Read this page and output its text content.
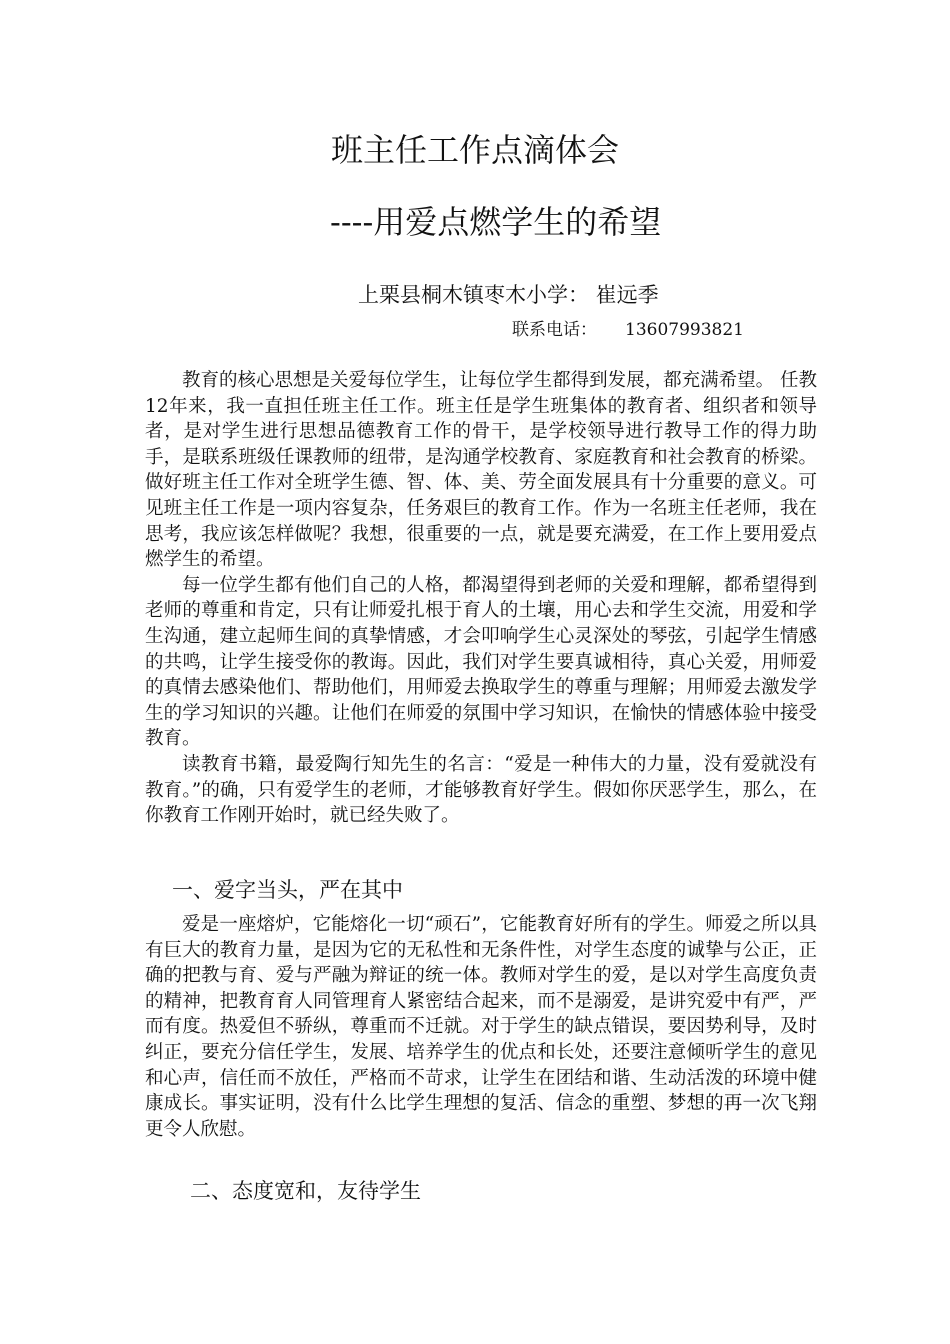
班主任工作点滴体会
----用爱点燃学生的希望
上栗县桐木镇枣木小学： 崔远季
联系电话： 13607993821

教育的核心思想是关爱每位学生，让每位学生都得到发展，都充满希望。 任教12年来，我一直担任班主任工作。班主任是学生班集体的教育者、组织者和领导者，是对学生进行思想品德教育工作的骨干，是学校领导进行教导工作的得力助手，是联系班级任课教师的纽带，是沟通学校教育、家庭教育和社会教育的桥梁。做好班主任工作对全班学生德、智、体、美、劳全面发展具有十分重要的意义。可见班主任工作是一项内容复杂，任务艰巨的教育工作。作为一名班主任老师，我在思考，我应该怎样做呢？我想，很重要的一点，就是要充满爱，在工作上要用爱点燃学生的希望。

每一位学生都有他们自己的人格，都渴望得到老师的关爱和理解，都希望得到老师的尊重和肯定，只有让师爱扎根于育人的土壤，用心去和学生交流，用爱和学生沟通，建立起师生间的真挚情感，才会叩响学生心灵深处的琴弦，引起学生情感的共鸣，让学生接受你的教诲。因此，我们对学生要真诚相待，真心关爱，用师爱的真情去感染他们、帮助他们，用师爱去换取学生的尊重与理解；用师爱去激发学生的学习知识的兴趣。让他们在师爱的氛围中学习知识，在愉快的情感体验中接受教育。

读教育书籍，最爱陶行知先生的名言：“爱是一种伟大的力量，没有爱就没有教育。”的确，只有爱学生的老师，才能够教育好学生。假如你厌恶学生，那么，在你教育工作刚开始时，就已经失败了。

一、爱字当头，严在其中

爱是一座熔炉，它能熔化一切“顽石”，它能教育好所有的学生。师爱之所以具有巨大的教育力量，是因为它的无私性和无条件性，对学生态度的诚挚与公正，正确的把教与育、爱与严融为辩证的统一体。教师对学生的爱，是以对学生高度负责的精神，把教育育人同管理育人紧密结合起来，而不是溺爱，是讲究爱中有严，严而有度。热爱但不骄纵，尊重而不迁就。对于学生的缺点错误，要因势利导，及时纠正，要充分信任学生，发展、培养学生的优点和长处，还要注意倾听学生的意见和心声，信任而不放任，严格而不苛求，让学生在团结和谐、生动活泼的环境中健康成长。事实证明，没有什么比学生理想的复活、信念的重塑、梦想的再一次飞翔更令人欣慰。

二、态度宽和，友待学生
